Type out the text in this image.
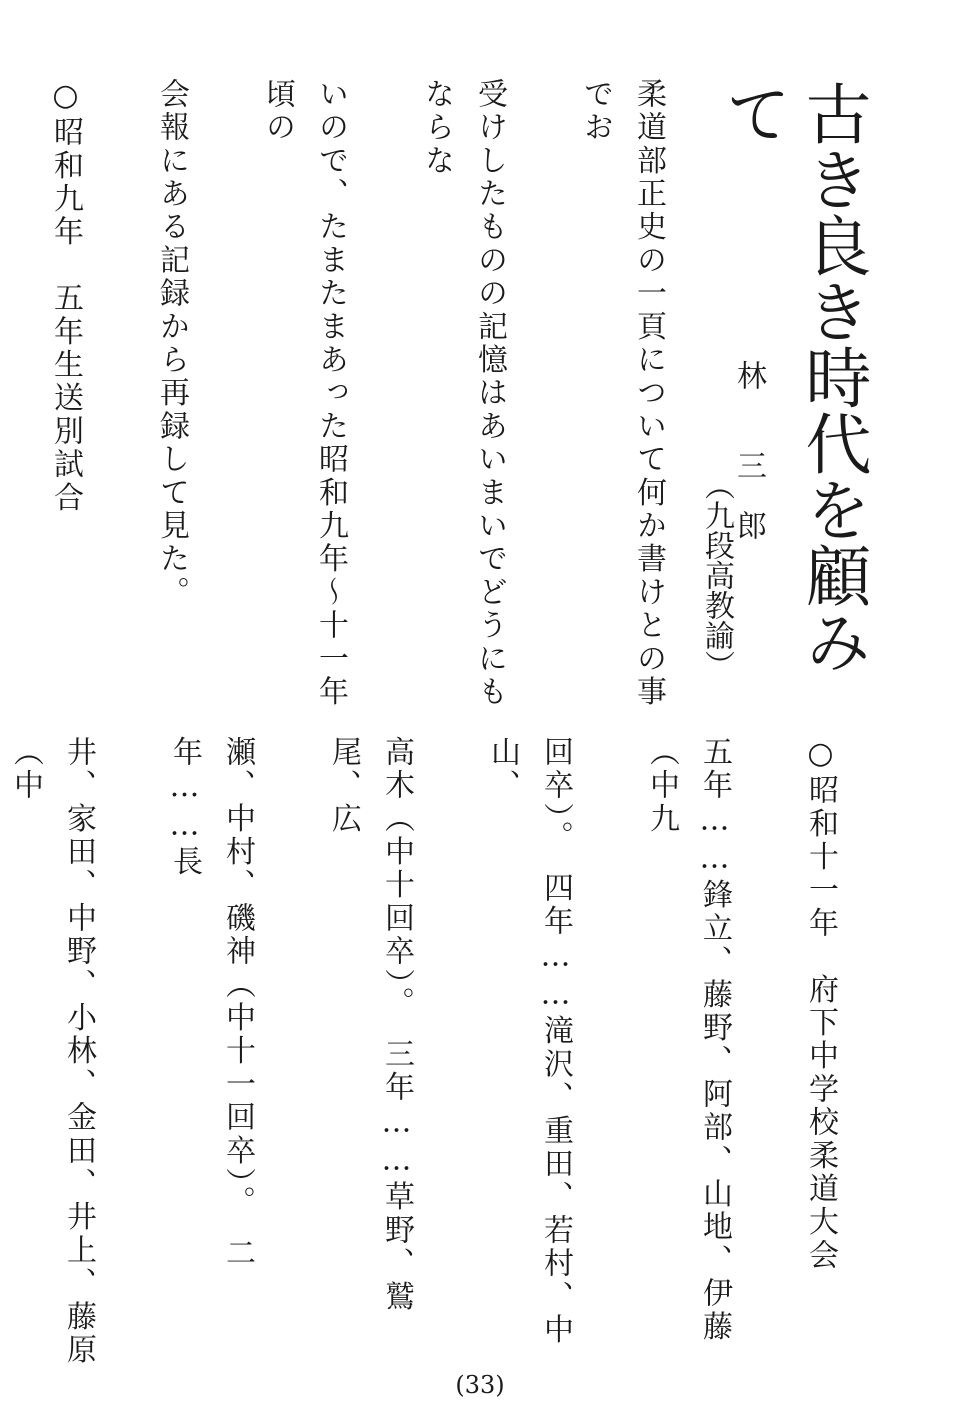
古き良き時代を顧みて
林　　三　郎
（九段高教諭）

柔道部正史の一頁について何か書けとの事でお

受けしたものの記憶はあいまいでどうにもならな

いので、たまたまあった昭和九年～十一年頃の

会報にある記録から再録して見た。

○昭和九年　五年生送別試合

○昭和十一年　府下中学校柔道大会

五年……鋒立、藤野、阿部、山地、伊藤（中九

回卒）。　四年……滝沢、重田、若村、中山、

高木（中十回卒）。　三年……草野、鷲尾、広

瀬、中村、磯神（中十一回卒）。　二年……長

井、家田、中野、小林、金田、井上、藤原（中

(33)
